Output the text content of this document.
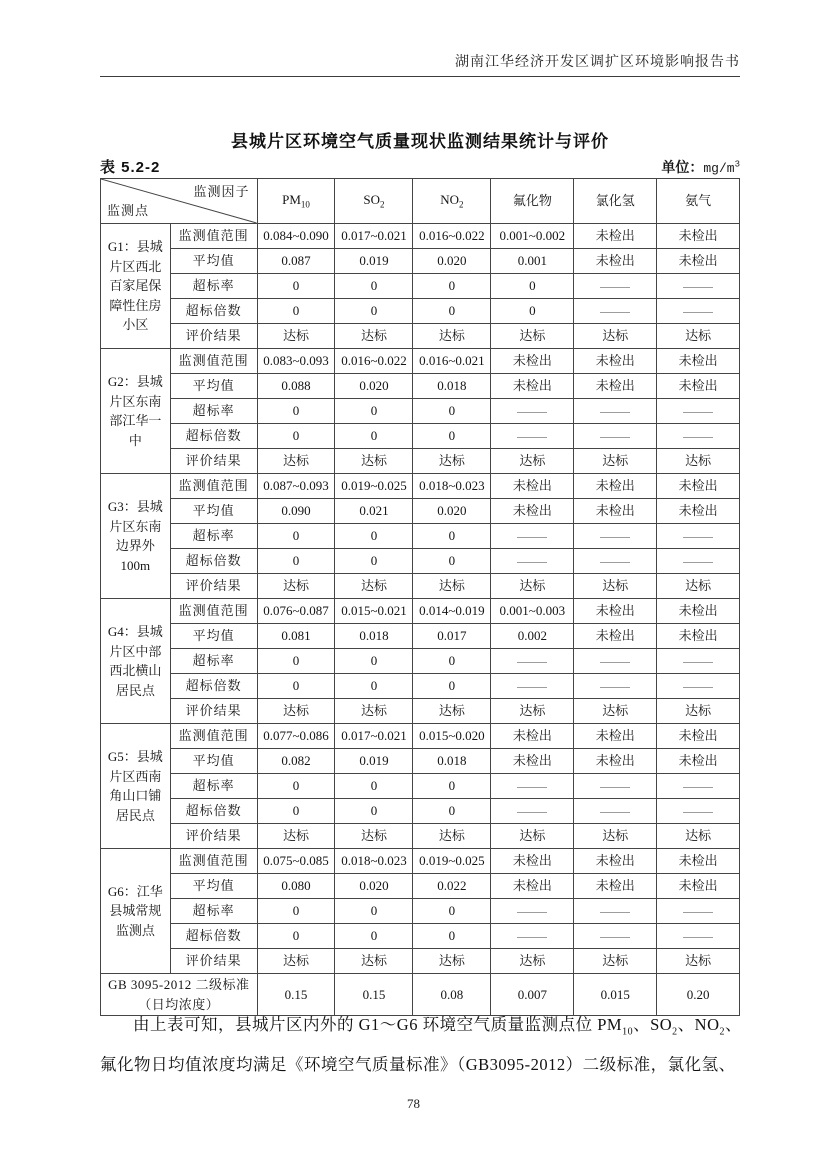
湖南江华经济开发区调扩区环境影响报告书
县城片区环境空气质量现状监测结果统计与评价
表 5.2-2	单位：$mg/m^3$
监测因子
监测点		$PM_{10}$	$SO_2$	$NO_2$	氟化物	氯化氢	氨气
G1：县城片区西北百家尾保障性住房小区	监测值范围	0.084~0.090	0.017~0.021	0.016~0.022	0.001~0.002	未检出	未检出
	平均值	0.087	0.019	0.020	0.001	未检出	未检出
	超标率	0	0	0	0		
	超标倍数	0	0	0	0		
	评价结果	达标	达标	达标	达标	达标	达标
G2：县城片区东南部江华一中	监测值范围	0.083~0.093	0.016~0.022	0.016~0.021	未检出	未检出	未检出
	平均值	0.088	0.020	0.018	未检出	未检出	未检出
	超标率	0	0	0			
	超标倍数	0	0	0			
	评价结果	达标	达标	达标	达标	达标	达标
G3：县城片区东南边界外100m	监测值范围	0.087~0.093	0.019~0.025	0.018~0.023	未检出	未检出	未检出
	平均值	0.090	0.021	0.020	未检出	未检出	未检出
	超标率	0	0	0			
	超标倍数	0	0	0			
	评价结果	达标	达标	达标	达标	达标	达标
G4：县城片区中部西北横山居民点	监测值范围	0.076~0.087	0.015~0.021	0.014~0.019	0.001~0.003	未检出	未检出
	平均值	0.081	0.018	0.017	0.002	未检出	未检出
	超标率	0	0	0			
	超标倍数	0	0	0			
	评价结果	达标	达标	达标	达标	达标	达标
G5：县城片区西南角山口铺居民点	监测值范围	0.077~0.086	0.017~0.021	0.015~0.020	未检出	未检出	未检出
	平均值	0.082	0.019	0.018	未检出	未检出	未检出
	超标率	0	0	0			
	超标倍数	0	0	0			
	评价结果	达标	达标	达标	达标	达标	达标
G6：江华县城常规监测点	监测值范围	0.075~0.085	0.018~0.023	0.019~0.025	未检出	未检出	未检出
	平均值	0.080	0.020	0.022	未检出	未检出	未检出
	超标率	0	0	0			
	超标倍数	0	0	0			
	评价结果	达标	达标	达标	达标	达标	达标
GB 3095-2012 二级标准
（日均浓度）		0.15	0.15	0.08	0.007	0.015	0.20

由上表可知，县城片区内外的 G1～G6 环境空气质量监测点位 $PM_{10}$、$SO_2$、$NO_2$、氟化物日均值浓度均满足《环境空气质量标准》（GB3095-2012）二级标准，氯化氢、

78
